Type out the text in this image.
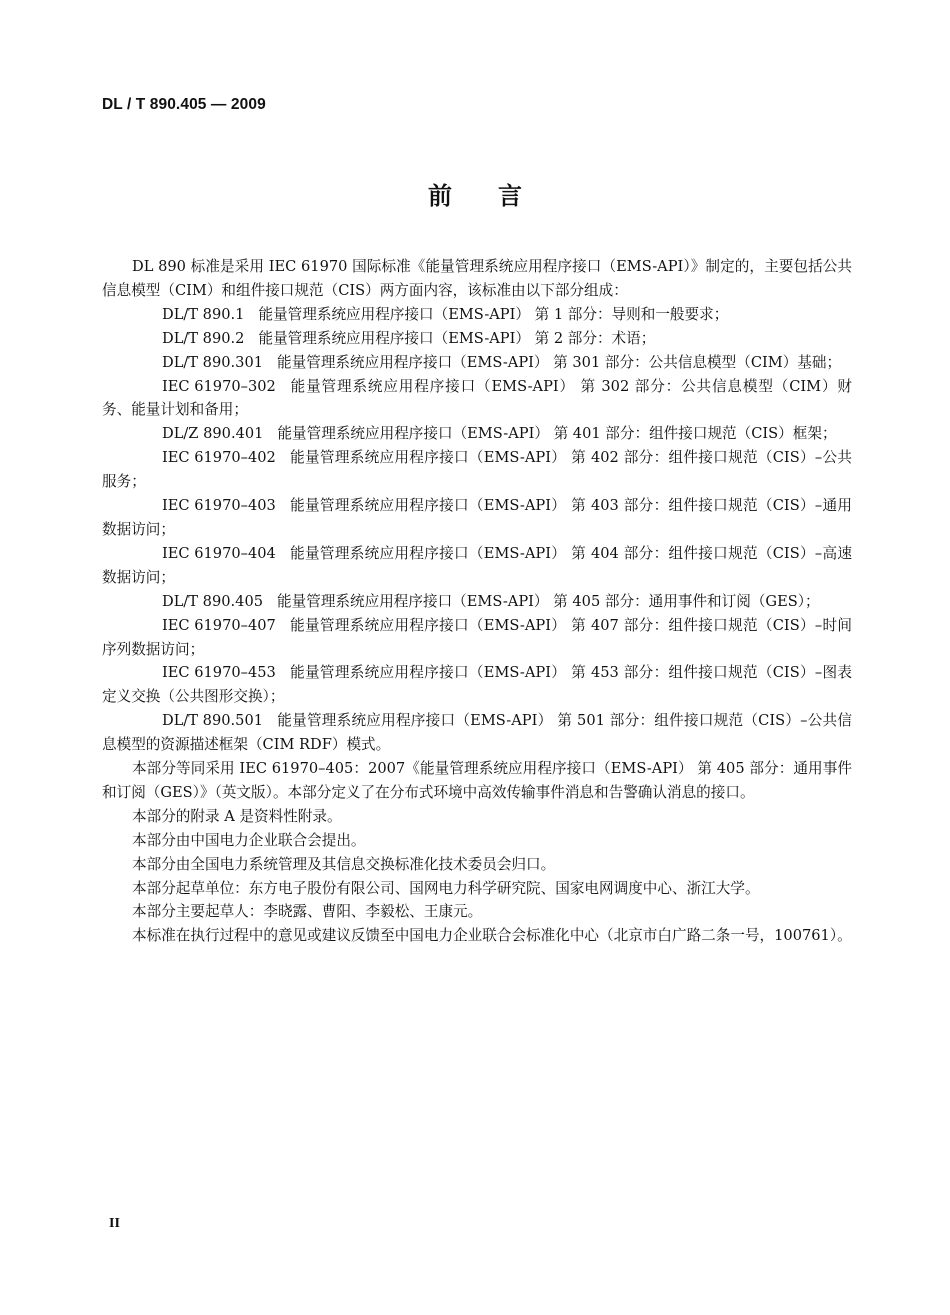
DL / T 890.405 — 2009
前言

DL 890 标准是采用 IEC 61970 国际标准《能量管理系统应用程序接口（EMS-API）》制定的，主要包括公共信息模型（CIM）和组件接口规范（CIS）两方面内容，该标准由以下部分组成：

DL/T 890.1 能量管理系统应用程序接口（EMS-API） 第 1 部分：导则和一般要求；

DL/T 890.2 能量管理系统应用程序接口（EMS-API） 第 2 部分：术语；

DL/T 890.301 能量管理系统应用程序接口（EMS-API） 第 301 部分：公共信息模型（CIM）基础；

IEC 61970–302 能量管理系统应用程序接口（EMS-API） 第 302 部分：公共信息模型（CIM）财务、能量计划和备用；

DL/Z 890.401 能量管理系统应用程序接口（EMS-API） 第 401 部分：组件接口规范（CIS）框架；

IEC 61970–402 能量管理系统应用程序接口（EMS-API） 第 402 部分：组件接口规范（CIS）–公共服务；

IEC 61970–403 能量管理系统应用程序接口（EMS-API） 第 403 部分：组件接口规范（CIS）–通用数据访问；

IEC 61970–404 能量管理系统应用程序接口（EMS-API） 第 404 部分：组件接口规范（CIS）–高速数据访问；

DL/T 890.405 能量管理系统应用程序接口（EMS-API） 第 405 部分：通用事件和订阅（GES）；

IEC 61970–407 能量管理系统应用程序接口（EMS-API） 第 407 部分：组件接口规范（CIS）–时间序列数据访问；

IEC 61970–453 能量管理系统应用程序接口（EMS-API） 第 453 部分：组件接口规范（CIS）–图表定义交换（公共图形交换）；

DL/T 890.501 能量管理系统应用程序接口（EMS-API） 第 501 部分：组件接口规范（CIS）–公共信息模型的资源描述框架（CIM RDF）模式。

本部分等同采用 IEC 61970–405：2007《能量管理系统应用程序接口（EMS-API） 第 405 部分：通用事件和订阅（GES）》（英文版）。本部分定义了在分布式环境中高效传输事件消息和告警确认消息的接口。

本部分的附录 A 是资料性附录。

本部分由中国电力企业联合会提出。

本部分由全国电力系统管理及其信息交换标准化技术委员会归口。

本部分起草单位：东方电子股份有限公司、国网电力科学研究院、国家电网调度中心、浙江大学。

本部分主要起草人：李晓露、曹阳、李毅松、王康元。

本标准在执行过程中的意见或建议反馈至中国电力企业联合会标准化中心（北京市白广路二条一号，100761）。

II
